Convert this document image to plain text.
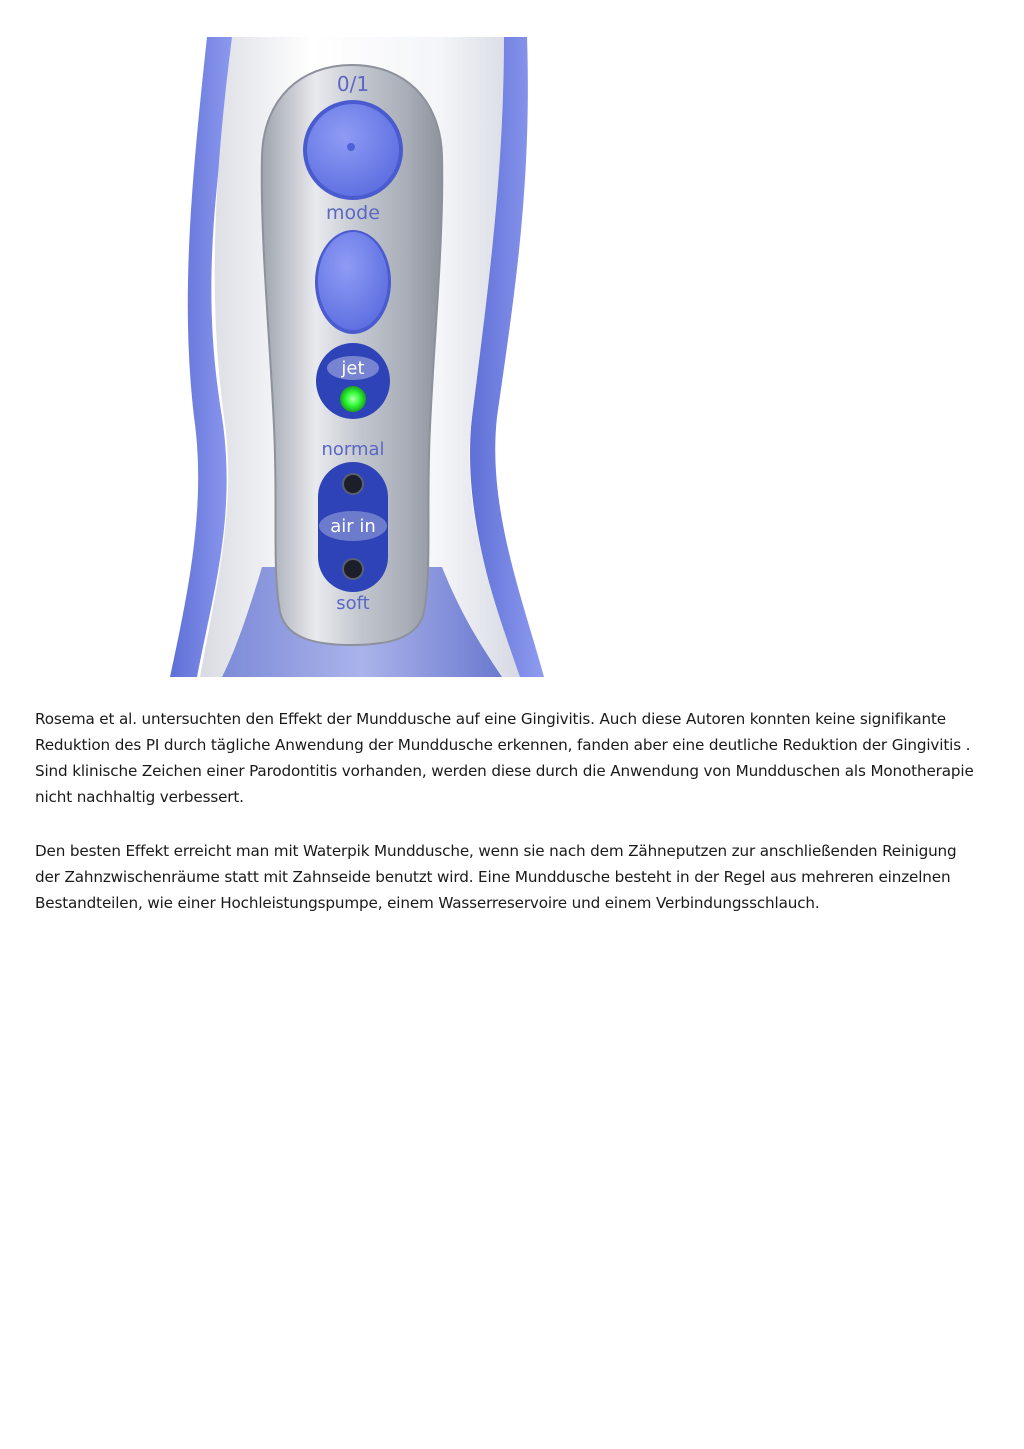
0/1
mode
jet
normal
air in
soft

Rosema et al. untersuchten den Effekt der Munddusche auf eine Gingivitis. Auch diese Autoren konnten keine signifikante Reduktion des PI durch tägliche Anwendung der Munddusche erkennen, fanden aber eine deutliche Reduktion der Gingivitis . Sind klinische Zeichen einer Parodontitis vorhanden, werden diese durch die Anwendung von Mundduschen als Monotherapie nicht nachhaltig verbessert.

Den besten Effekt erreicht man mit Waterpik Munddusche, wenn sie nach dem Zähneputzen zur anschließenden Reinigung der Zahnzwischenräume statt mit Zahnseide benutzt wird. Eine Munddusche besteht in der Regel aus mehreren einzelnen Bestandteilen, wie einer Hochleistungspumpe, einem Wasserreservoire und einem Verbindungsschlauch.
